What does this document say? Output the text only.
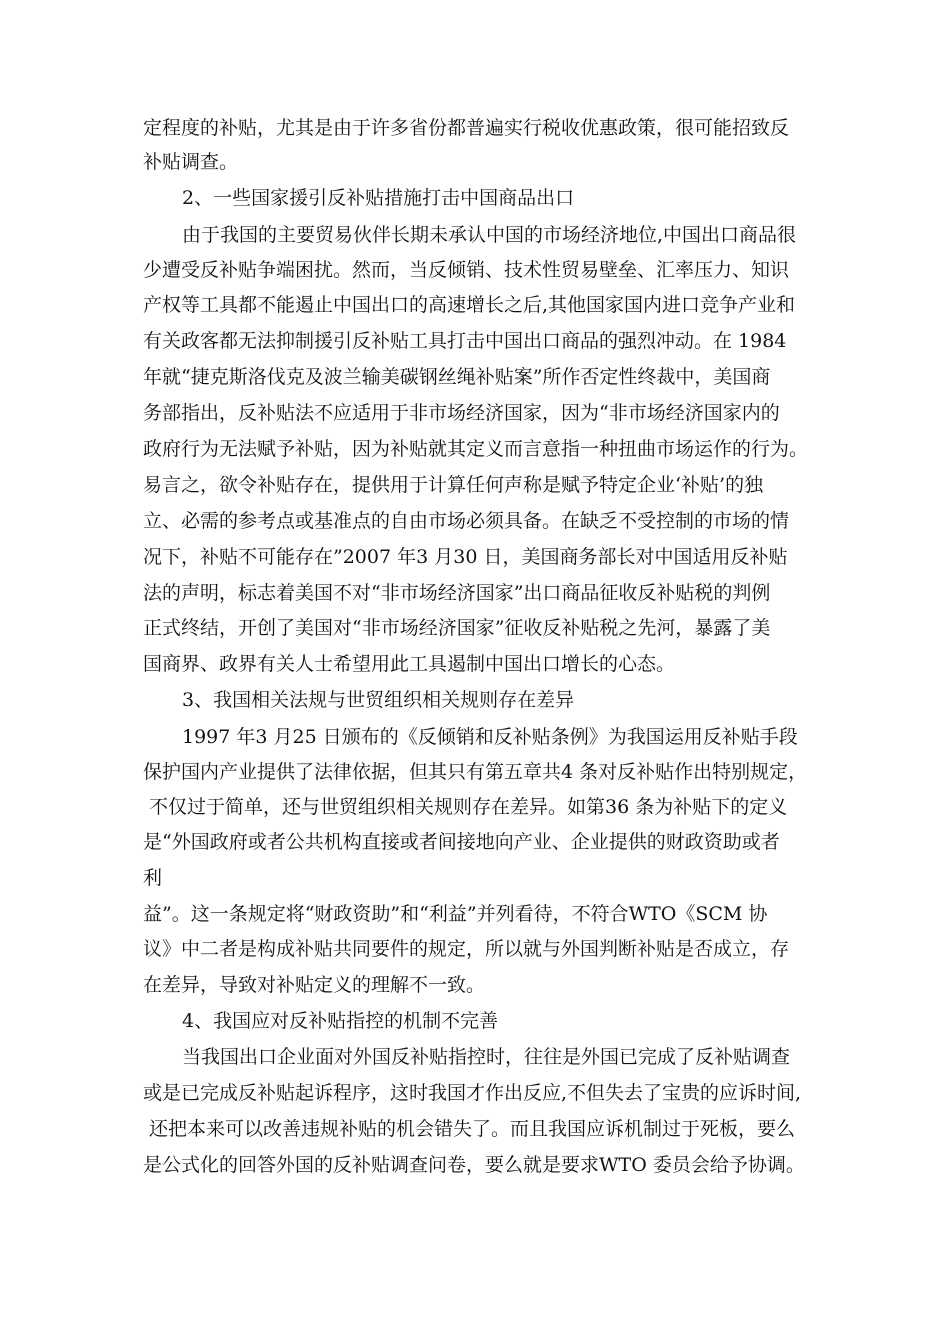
定程度的补贴，尤其是由于许多省份都普遍实行税收优惠政策，很可能招致反
补贴调查。
2、一些国家援引反补贴措施打击中国商品出口
由于我国的主要贸易伙伴长期未承认中国的市场经济地位,中国出口商品很
少遭受反补贴争端困扰。然而，当反倾销、技术性贸易壁垒、汇率压力、知识
产权等工具都不能遏止中国出口的高速增长之后,其他国家国内进口竞争产业和
有关政客都无法抑制援引反补贴工具打击中国出口商品的强烈冲动。在 1984
年就“捷克斯洛伐克及波兰输美碳钢丝绳补贴案”所作否定性终裁中，美国商
务部指出，反补贴法不应适用于非市场经济国家，因为“非市场经济国家内的
政府行为无法赋予补贴，因为补贴就其定义而言意指一种扭曲市场运作的行为。
易言之，欲令补贴存在，提供用于计算任何声称是赋予特定企业‘补贴’的独
立、必需的参考点或基准点的自由市场必须具备。在缺乏不受控制的市场的情
况下，补贴不可能存在”2007 年3 月30 日，美国商务部长对中国适用反补贴
法的声明，标志着美国不对“非市场经济国家”出口商品征收反补贴税的判例
正式终结，开创了美国对“非市场经济国家”征收反补贴税之先河，暴露了美
国商界、政界有关人士希望用此工具遏制中国出口增长的心态。
3、我国相关法规与世贸组织相关规则存在差异
1997 年3 月25 日颁布的《反倾销和反补贴条例》为我国运用反补贴手段
保护国内产业提供了法律依据，但其只有第五章共4 条对反补贴作出特别规定，
不仅过于简单，还与世贸组织相关规则存在差异。如第36 条为补贴下的定义
是“外国政府或者公共机构直接或者间接地向产业、企业提供的财政资助或者
利
益”。这一条规定将“财政资助”和“利益”并列看待，不符合WTO《SCM 协
议》中二者是构成补贴共同要件的规定，所以就与外国判断补贴是否成立，存
在差异，导致对补贴定义的理解不一致。
4、我国应对反补贴指控的机制不完善
当我国出口企业面对外国反补贴指控时，往往是外国已完成了反补贴调查
或是已完成反补贴起诉程序，这时我国才作出反应,不但失去了宝贵的应诉时间,
还把本来可以改善违规补贴的机会错失了。而且我国应诉机制过于死板，要么
是公式化的回答外国的反补贴调查问卷，要么就是要求WTO 委员会给予协调。
